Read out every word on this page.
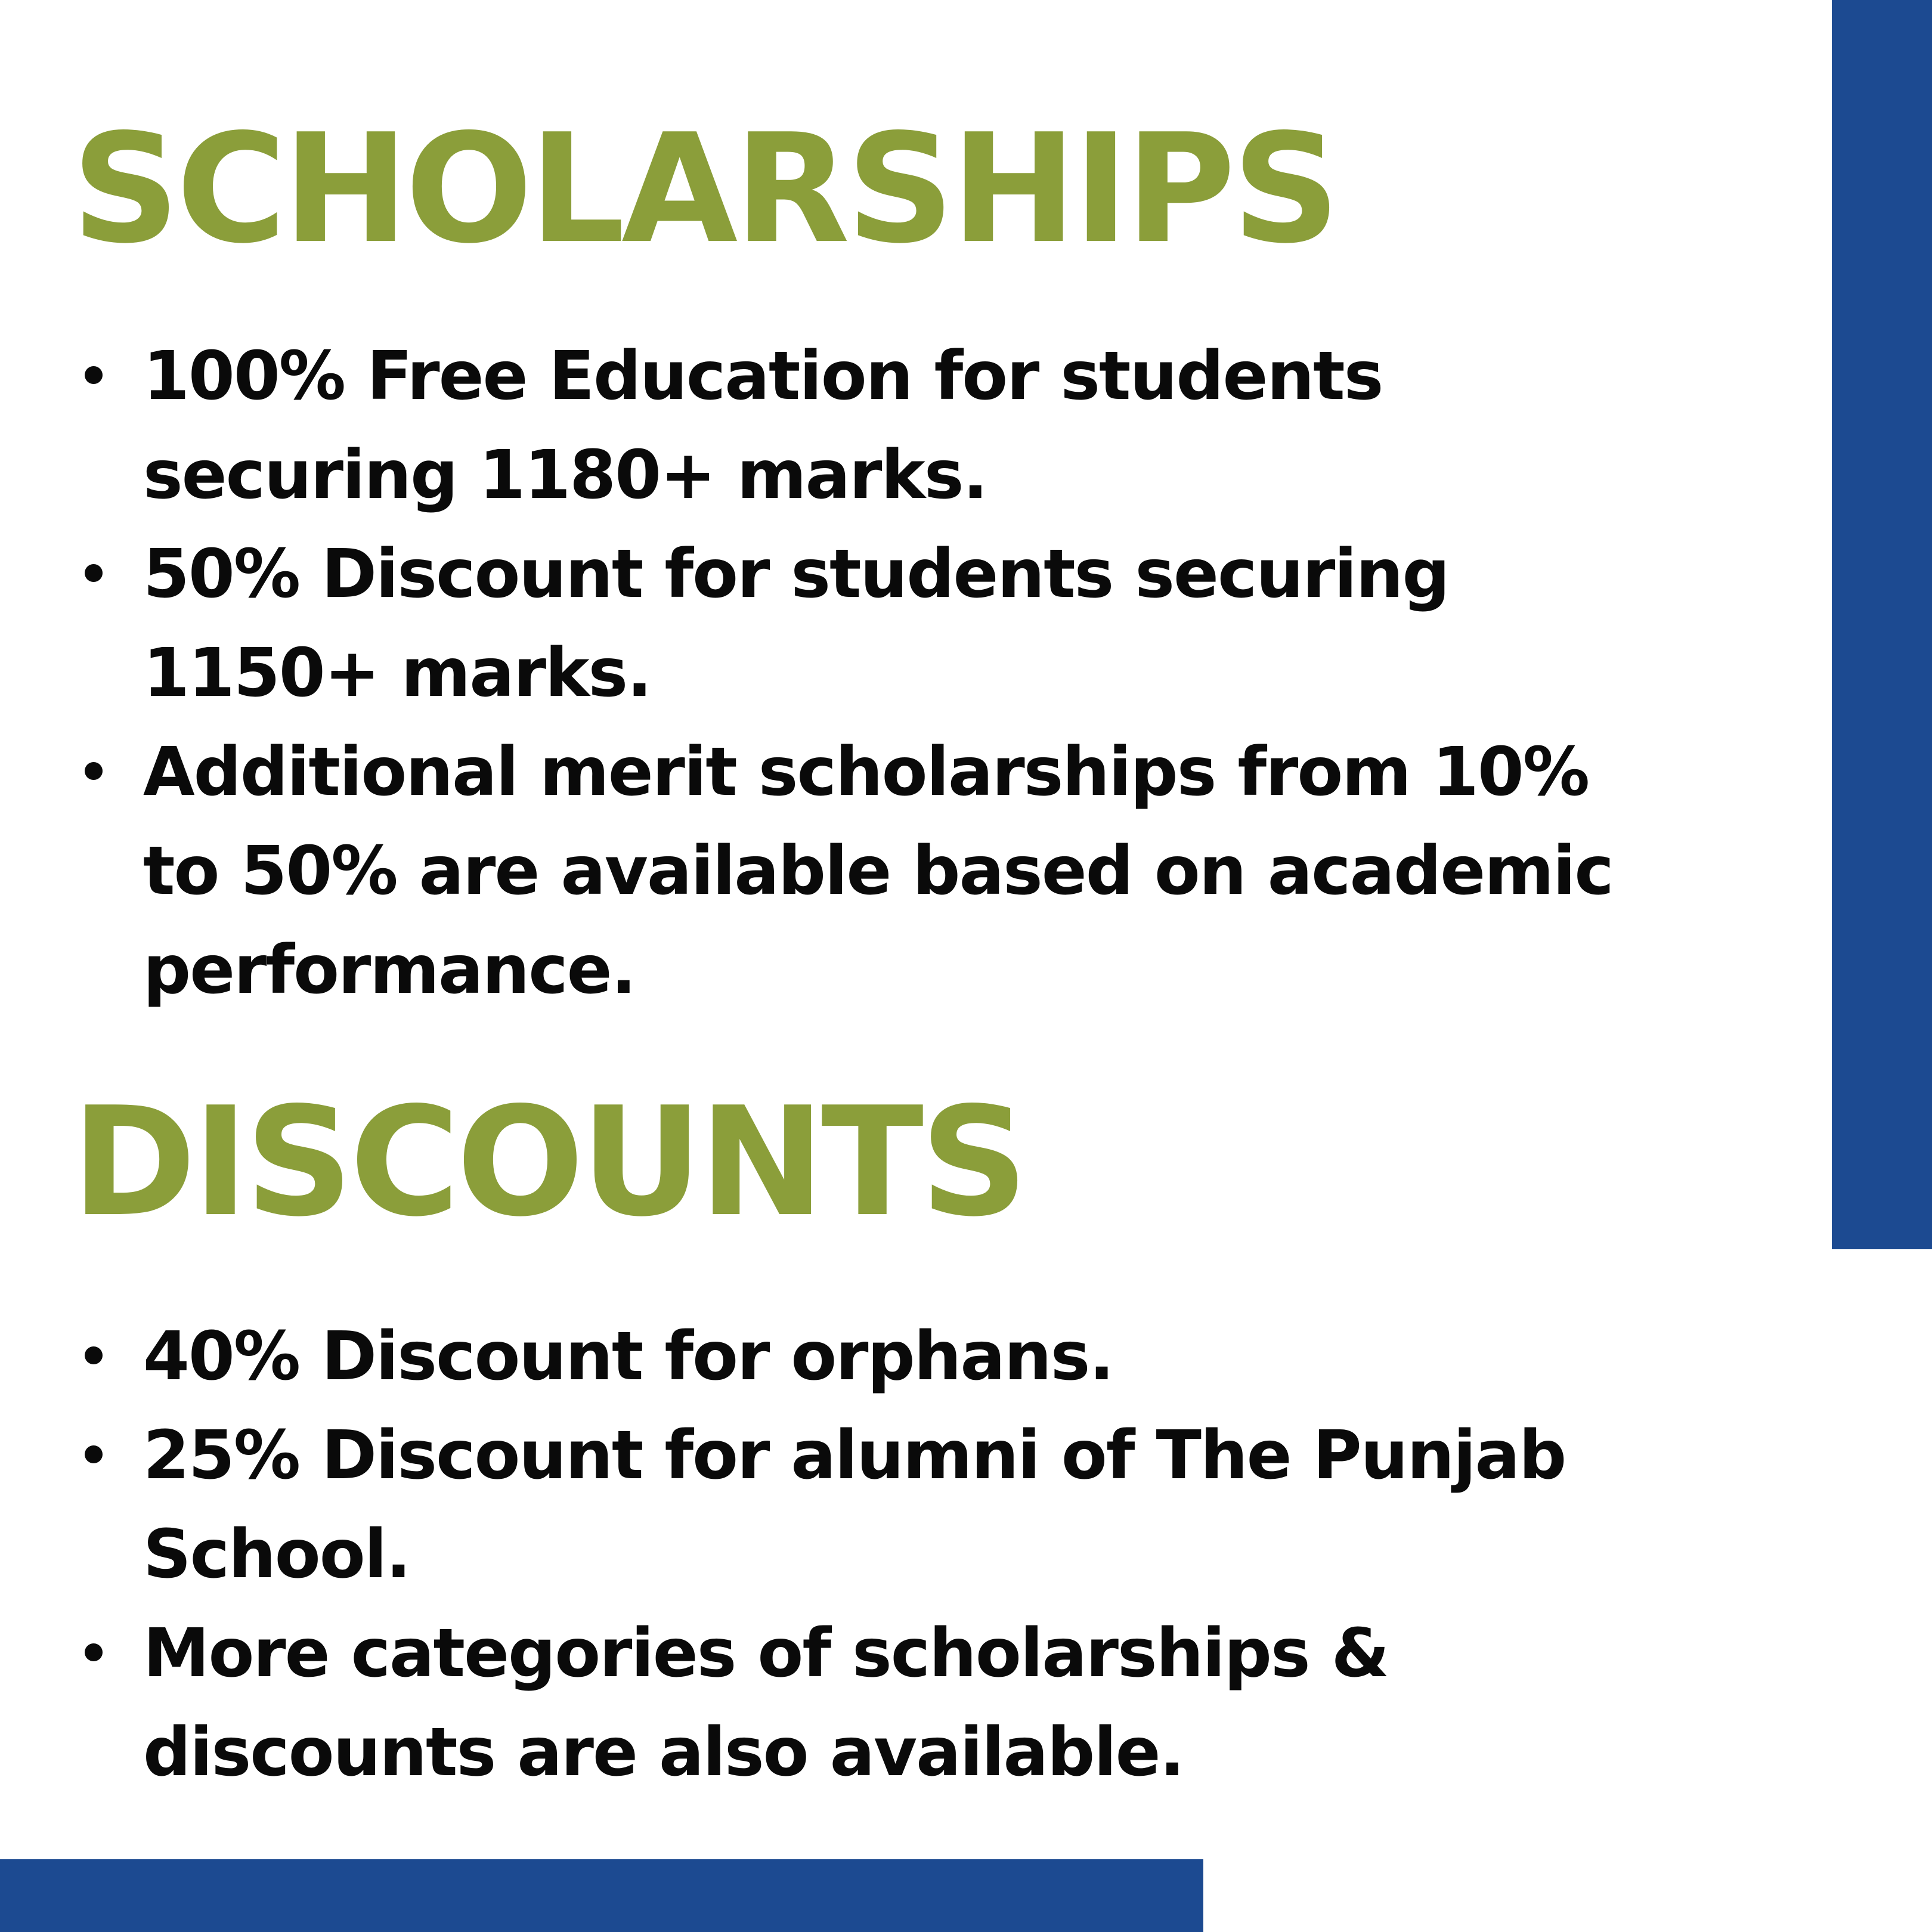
SCHOLARSHIPS
100% Free Education for students securing 1180+ marks.
50% Discount for students securing 1150+ marks.
Additional merit scholarships from 10% to 50% are available based on academic performance.
DISCOUNTS
40% Discount for orphans.
25% Discount for alumni of The Punjab School.
More categories of scholarships & discounts are also available.
